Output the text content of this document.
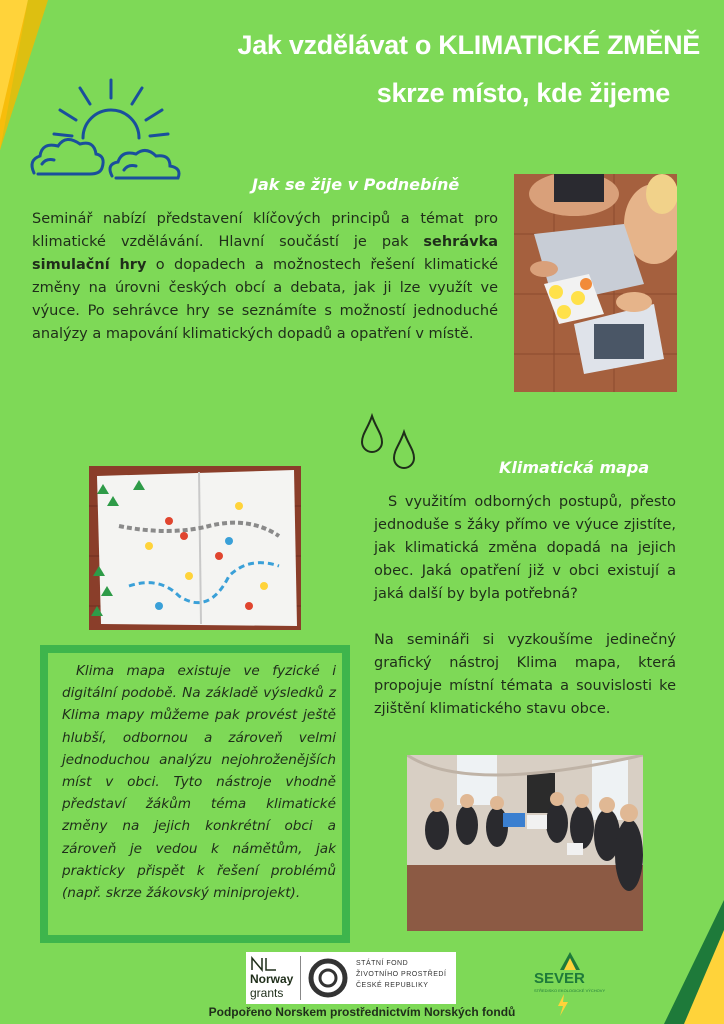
Jak vzdělávat o KLIMATICKÉ ZMĚNĚ
skrze místo, kde žijeme
Jak se žije v Podnebíně
Seminář nabízí představení klíčových principů a témat pro klimatické vzdělávání. Hlavní součástí je pak sehrávka simulační hry o dopadech a možnostech řešení klimatické změny na úrovni českých obcí a debata, jak ji lze využít ve výuce. Po sehrávce hry se seznámíte s možností jednoduché analýzy a mapování klimatických dopadů a opatření v místě.
Klimatická mapa
S využitím odborných postupů, přesto jednoduše s žáky přímo ve výuce zjistíte, jak klimatická změna dopadá na jejich obec. Jaká opatření již v obci existují a jaká další by byla potřebná?
Na semináři si vyzkoušíme jedinečný grafický nástroj Klima mapa, která propojuje místní témata a souvislosti ke zjištění klimatického stavu obce.
Klima mapa existuje ve fyzické i digitální podobě. Na základě výsledků z Klima mapy můžeme pak provést ještě hlubší, odbornou a zároveň velmi jednoduchou analýzu nejohroženějších míst v obci. Tyto nástroje vhodně představí žákům téma klimatické změny na jejich konkrétní obci a zároveň je vedou k námětům, jak prakticky přispět k řešení problémů (např. skrze žákovský miniprojekt).
Norway
grants
STÁTNÍ FOND
ŽIVOTNÍHO PROSTŘEDÍ
ČESKÉ REPUBLIKY	SEVER
STŘEDISKO EKOLOGICKÉ VÝCHOVY
Podpořeno Norskem prostřednictvím Norských fondů
